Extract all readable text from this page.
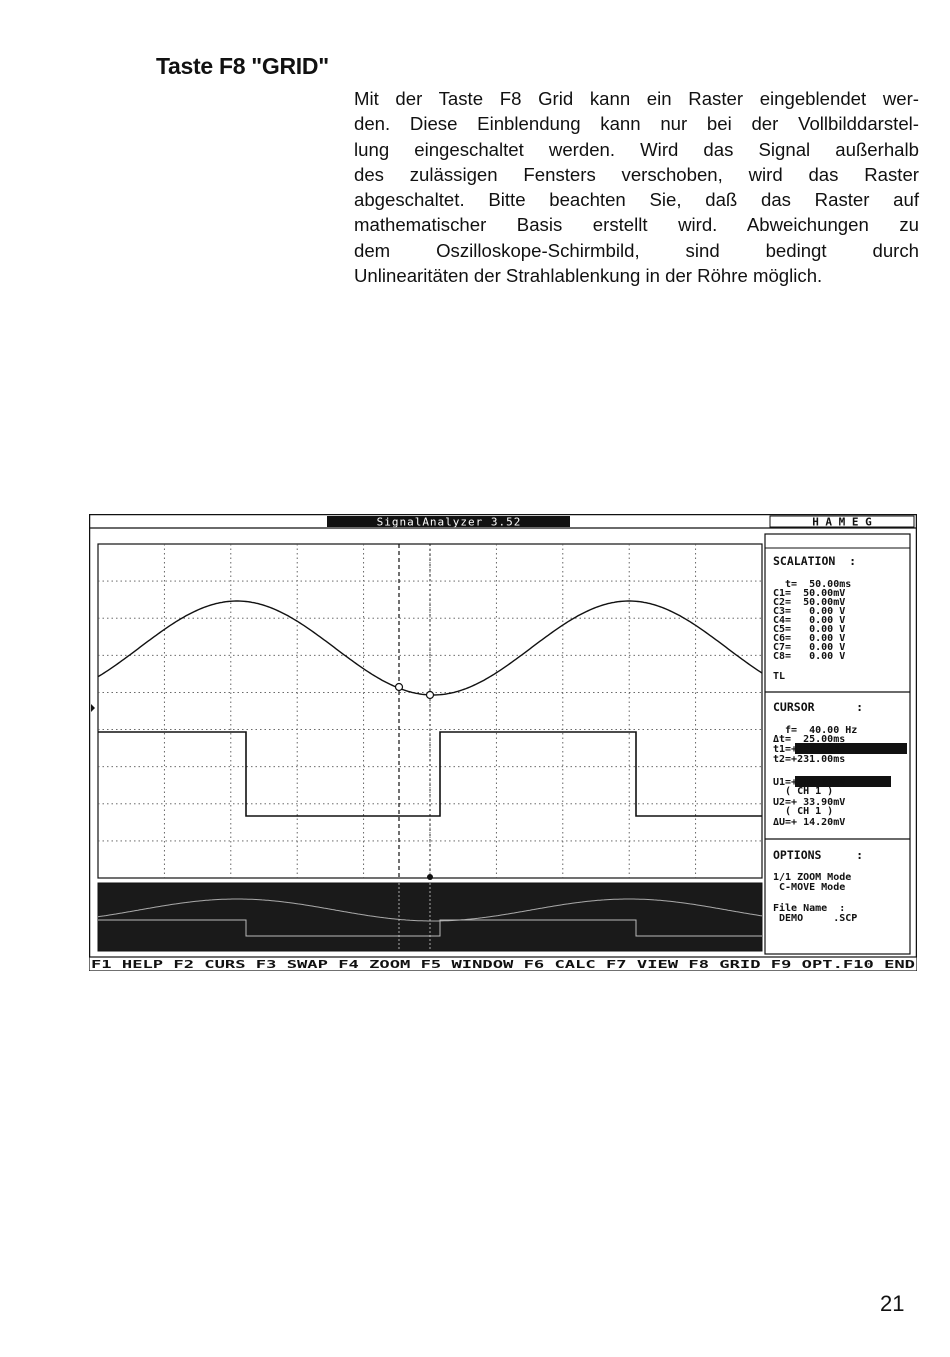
Taste F8 "GRID"

Mit der Taste F8 Grid kann ein Raster eingeblendet wer-
den. Diese Einblendung kann nur bei der Vollbilddarstel-
lung eingeschaltet werden. Wird das Signal außerhalb
des zulässigen Fensters verschoben, wird das Raster
abgeschaltet. Bitte beachten Sie, daß das Raster auf
mathematischer Basis erstellt wird. Abweichungen zu
dem Oszilloskope-Schirmbild, sind bedingt durch
Unlinearitäten der Strahlablenkung in der Röhre möglich.

SignalAnalyzer 3.52	H A M E G
SCALATION  :
t=  50.00ms
C1=  50.00mV
C2=  50.00mV
C3=   0.00 V
C4=   0.00 V
C5=   0.00 V
C6=   0.00 V
C7=   0.00 V
C8=   0.00 V
TL
CURSOR      :
f=  40.00 Hz
Δt=  25.00ms
t1=+256.00ms
t2=+231.00ms
U1=+ 19.60mV
( CH 1 )
U2=+ 33.90mV
( CH 1 )
ΔU=+ 14.20mV
OPTIONS     :
1/1 ZOOM Mode
C-MOVE Mode
File Name  :
DEMO     .SCP
F1 HELP F2 CURS F3 SWAP F4 ZOOM F5 WINDOW F6 CALC F7 VIEW F8 GRID F9 OPT.F10 END

21
